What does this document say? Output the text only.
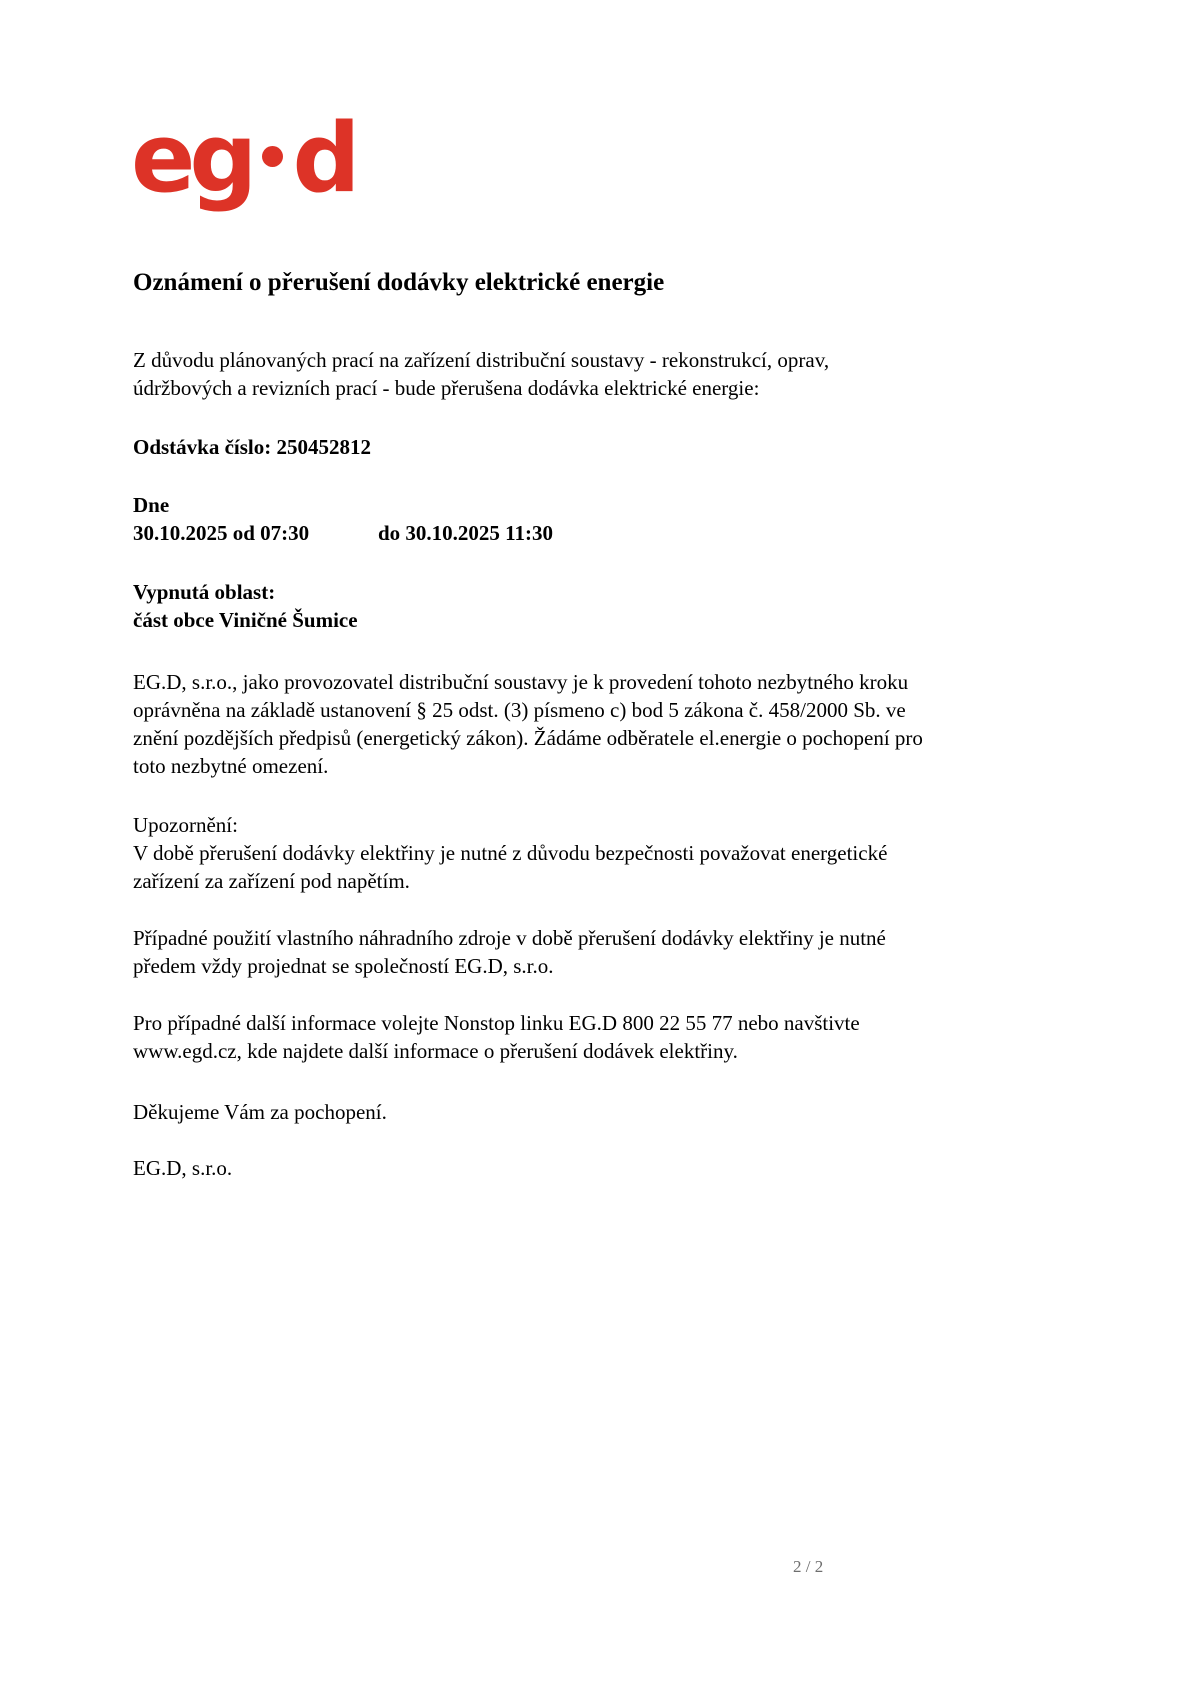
eg d
Oznámení o přerušení dodávky elektrické energie
Z důvodu plánovaných prací na zařízení distribuční soustavy - rekonstrukcí, oprav,
údržbových a revizních prací - bude přerušena dodávka elektrické energie:
Odstávka číslo: 250452812
Dne
30.10.2025 od 07:30	do 30.10.2025 11:30
Vypnutá oblast:
část obce Viničné Šumice
EG.D, s.r.o., jako provozovatel distribuční soustavy je k provedení tohoto nezbytného kroku
oprávněna na základě ustanovení § 25 odst. (3) písmeno c) bod 5 zákona č. 458/2000 Sb. ve
znění pozdějších předpisů (energetický zákon). Žádáme odběratele el.energie o pochopení pro
toto nezbytné omezení.
Upozornění:
V době přerušení dodávky elektřiny je nutné z důvodu bezpečnosti považovat energetické
zařízení za zařízení pod napětím.
Případné použití vlastního náhradního zdroje v době přerušení dodávky elektřiny je nutné
předem vždy projednat se společností EG.D, s.r.o.
Pro případné další informace volejte Nonstop linku EG.D 800 22 55 77 nebo navštivte
www.egd.cz, kde najdete další informace o přerušení dodávek elektřiny.
Děkujeme Vám za pochopení.
EG.D, s.r.o.
2 / 2
